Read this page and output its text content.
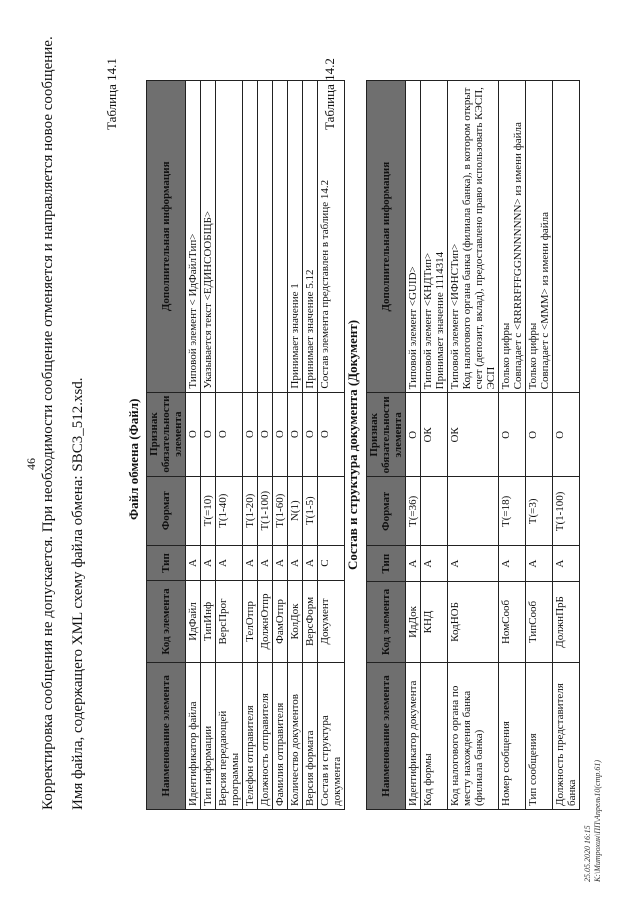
46 Корректировка сообщения не допускается. При необходимости сообщение отменяется и направляется новое сообщение. Имя файла, содержащего XML схему файла обмена: SBC3_512.xsd.
Таблица 14.1
Файл обмена (Файл)
Наименование элемента	Код элемента	Тип	Формат	Признак обязательности элемента	Дополнительная информация
Идентификатор файла	ИдФайл	А		О	Типовой элемент < ИдФайлТип>
Тип информации	ТипИнф	А	Т(=10)	О	Указывается текст <ЕДИНСООБЩБ>
Версия передающей программы	ВерсПрог	А	Т(1-40)	О	
Телефон отправителя	ТелОтпр	А	Т(1-20)	О	
Должность отправителя	ДолжнОтпр	А	Т(1-100)	О	
Фамилия отправителя	ФамОтпр	А	Т(1-60)	О	
Количество документов	КолДок	А	N(1)	О	Принимает значение 1
Версия формата	ВерсФорм	А	Т(1-5)	О	Принимает значение 5.12
Состав и структура документа	Документ	С		О	Состав элемента представлен в таблице 14.2
Таблица 14.2
Состав и структура документа (Документ)
Наименование элемента	Код элемента	Тип	Формат	Признак обязательности элемента	Дополнительная информация
Идентификатор документа	ИдДок	А	Т(=36)	О	Типовой элемент <GUID>
Код формы	КНД	А		ОК	Типовой элемент <КНДТип>
Принимает значение 1114314
Код налогового органа по месту нахождения банка (филиала банка)	КодНОБ	А		ОК	Типовой элемент <ИФНСТип>
Код налогового органа банка (филиала банка), в котором открыт счет (депозит, вклад), предоставлено право использовать КЭСП, ЭСП
Номер сообщения	НомСооб	А	Т(=18)	О	Только цифры
Совпадает с <RRRRFFFGGNNNNNNN> из имени файла
Тип сообщения	ТипСооб	А	Т(=3)	О	Только цифры
Совпадает с <МММ> из имени файла
Должность представителя банка	ДолжнПрБ	А	Т(1-100)	О	
25.05.2020 16:15 К:\Митрохин\ПП\Апрель10(стр.61)
